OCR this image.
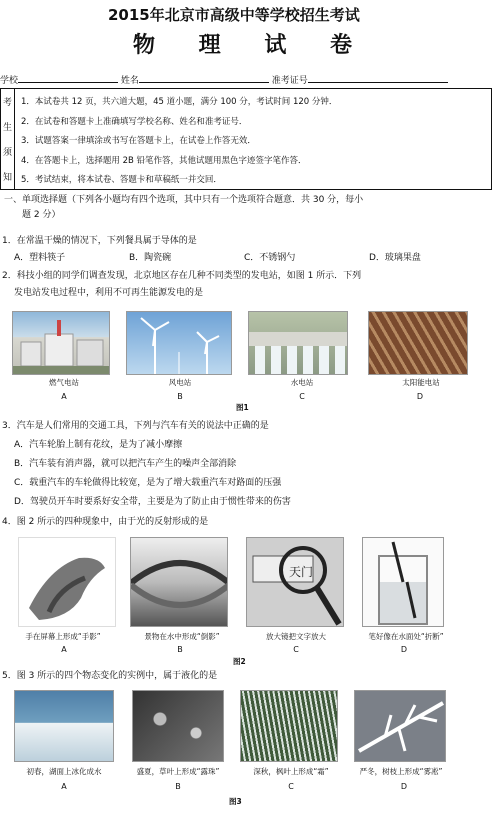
2015年北京市高级中等学校招生考试
物 理 试 卷
学校	姓名	准考证号
考
生
须
知
1．本试卷共 12 页，共六道大题，45 道小题，满分 100 分，考试时间 120 分钟．
2．在试卷和答题卡上准确填写学校名称、姓名和准考证号．
3．试题答案一律填涂或书写在答题卡上，在试卷上作答无效．
4．在答题卡上，选择题用 2B 铅笔作答，其他试题用黑色字迹签字笔作答．
5．考试结束，将本试卷、答题卡和草稿纸一并交回．
一、单项选择题（下列各小题均有四个选项，其中只有一个选项符合题意．共 30 分，每小
题 2 分）
1．在常温干燥的情况下，下列餐具属于导体的是
A．塑料筷子	B．陶瓷碗	C．不锈钢勺	D．玻璃果盘
2．科技小组的同学们调查发现，北京地区存在几种不同类型的发电站，如图 1 所示．下列
发电站发电过程中，利用不可再生能源发电的是
燃气电站	风电站	水电站	太阳能电站
A	B	C	D
图1
3．汽车是人们常用的交通工具，下列与汽车有关的说法中正确的是
A．汽车轮胎上制有花纹，是为了减小摩擦
B．汽车装有消声器，就可以把汽车产生的噪声全部消除
C．载重汽车的车轮做得比较宽，是为了增大载重汽车对路面的压强
D．驾驶员开车时要系好安全带，主要是为了防止由于惯性带来的伤害
4．图 2 所示的四种现象中，由于光的反射形成的是
天门
手在屏幕上形成“手影”	景物在水中形成“倒影”	放大镜把文字放大	笔好像在水面处“折断”
A	B	C	D
图2
5．图 3 所示的四个物态变化的实例中，属于液化的是
初春，湖面上冰化成水	盛夏，草叶上形成“露珠”	深秋，枫叶上形成“霜”	严冬，树枝上形成“雾凇”
A	B	C	D
图3
